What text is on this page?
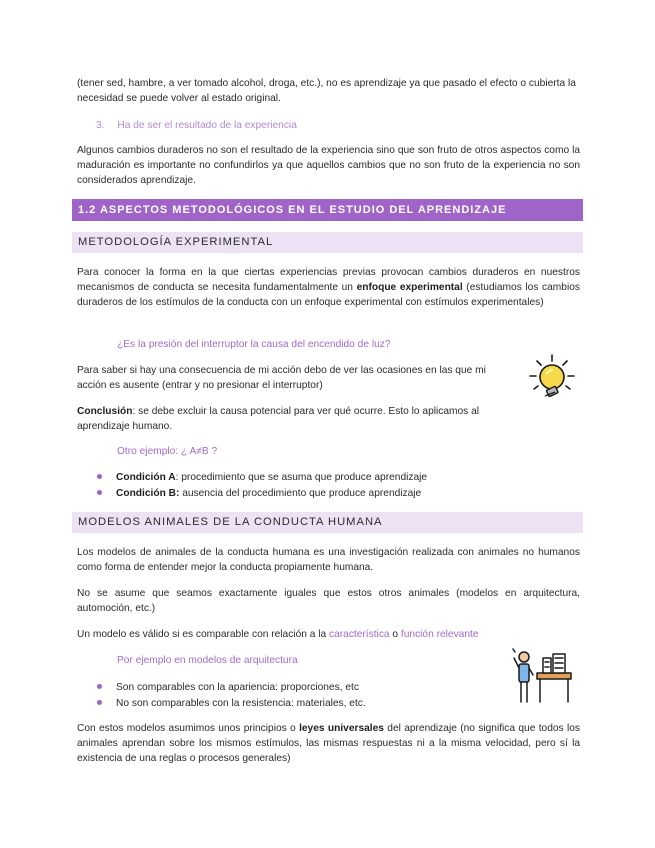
(tener sed, hambre, a ver tomado alcohol, droga, etc.), no es aprendizaje ya que pasado el efecto o cubierta la

necesidad se puede volver al estado original.

3. Ha de ser el resultado de la experiencia

Algunos cambios duraderos no son el resultado de la experiencia sino que son fruto de otros aspectos como la maduración es importante no confundirlos ya que aquellos cambios que no son fruto de la experiencia no son considerados aprendizaje.

1.2 ASPECTOS METODOLÓGICOS EN EL ESTUDIO DEL APRENDIZAJE
METODOLOGÍA EXPERIMENTAL

Para conocer la forma en la que ciertas experiencias previas provocan cambios duraderos en nuestros mecanismos de conducta se necesita fundamentalmente un enfoque experimental (estudiamos los cambios duraderos de los estímulos de la conducta con un enfoque experimental con estímulos experimentales)

¿Es la presión del interruptor la causa del encendido de luz?

Para saber si hay una consecuencia de mi acción debo de ver las ocasiones en las que mi acción es ausente (entrar y no presionar el interruptor)

Conclusión: se debe excluir la causa potencial para ver qué ocurre. Esto lo aplicamos al aprendizaje humano.

Otro ejemplo: ¿ A≠B ?
Condición A: procedimiento que se asuma que produce aprendizaje
Condición B: ausencia del procedimiento que produce aprendizaje
MODELOS ANIMALES DE LA CONDUCTA HUMANA

Los modelos de animales de la conducta humana es una investigación realizada con animales no humanos como forma de entender mejor la conducta propiamente humana.

No se asume que seamos exactamente iguales que estos otros animales (modelos en arquitectura, automoción, etc.)

Un modelo es válido si es comparable con relación a la característica o función relevante

Por ejemplo en modelos de arquitectura
Son comparables con la apariencia: proporciones, etc
No son comparables con la resistencia: materiales, etc.

Con estos modelos asumimos unos principios o leyes universales del aprendizaje (no significa que todos los animales aprendan sobre los mismos estímulos, las mismas respuestas ni a la misma velocidad, pero sí la existencia de una reglas o procesos generales)
